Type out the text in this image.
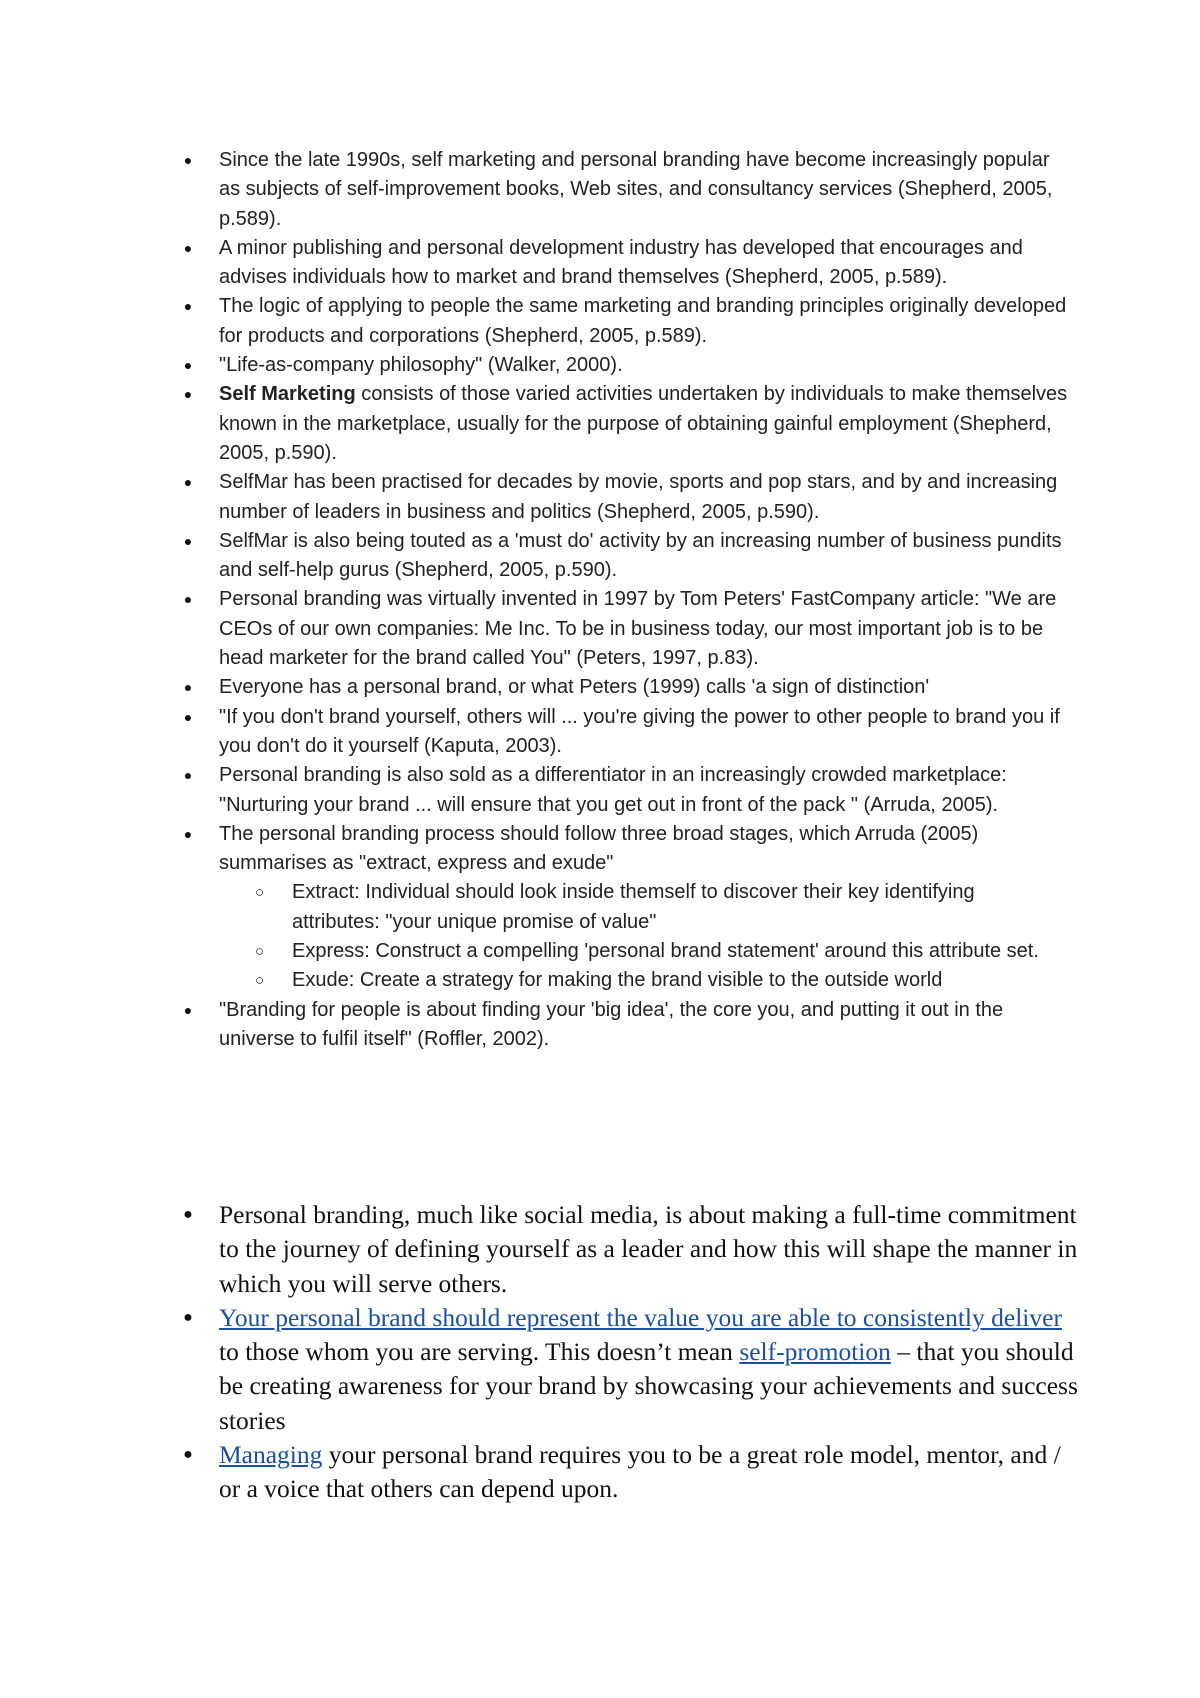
● Since the late 1990s, self marketing and personal branding have become increasingly popular as subjects of self-improvement books, Web sites, and consultancy services (Shepherd, 2005, p.589).
● A minor publishing and personal development industry has developed that encourages and advises individuals how to market and brand themselves (Shepherd, 2005, p.589).
● The logic of applying to people the same marketing and branding principles originally developed for products and corporations (Shepherd, 2005, p.589).
● "Life-as-company philosophy" (Walker, 2000).
● Self Marketing consists of those varied activities undertaken by individuals to make themselves known in the marketplace, usually for the purpose of obtaining gainful employment (Shepherd, 2005, p.590).
● SelfMar has been practised for decades by movie, sports and pop stars, and by and increasing number of leaders in business and politics (Shepherd, 2005, p.590).
● SelfMar is also being touted as a 'must do' activity by an increasing number of business pundits and self-help gurus (Shepherd, 2005, p.590).
● Personal branding was virtually invented in 1997 by Tom Peters' FastCompany article: "We are CEOs of our own companies: Me Inc. To be in business today, our most important job is to be head marketer for the brand called You" (Peters, 1997, p.83).
● Everyone has a personal brand, or what Peters (1999) calls 'a sign of distinction'
● "If you don't brand yourself, others will ... you're giving the power to other people to brand you if you don't do it yourself (Kaputa, 2003).
● Personal branding is also sold as a differentiator in an increasingly crowded marketplace: "Nurturing your brand ... will ensure that you get out in front of the pack " (Arruda, 2005).
● The personal branding process should follow three broad stages, which Arruda (2005) summarises as "extract, express and exude"
○ Extract: Individual should look inside themself to discover their key identifying attributes: "your unique promise of value"
○ Express: Construct a compelling 'personal brand statement' around this attribute set.
○ Exude: Create a strategy for making the brand visible to the outside world
● "Branding for people is about finding your 'big idea', the core you, and putting it out in the universe to fulfil itself" (Roffler, 2002).
● Personal branding, much like social media, is about making a full-time commitment to the journey of defining yourself as a leader and how this will shape the manner in which you will serve others.
● Your personal brand should represent the value you are able to consistently deliver to those whom you are serving. This doesn’t mean self-promotion – that you should be creating awareness for your brand by showcasing your achievements and success stories
● Managing your personal brand requires you to be a great role model, mentor, and / or a voice that others can depend upon.
